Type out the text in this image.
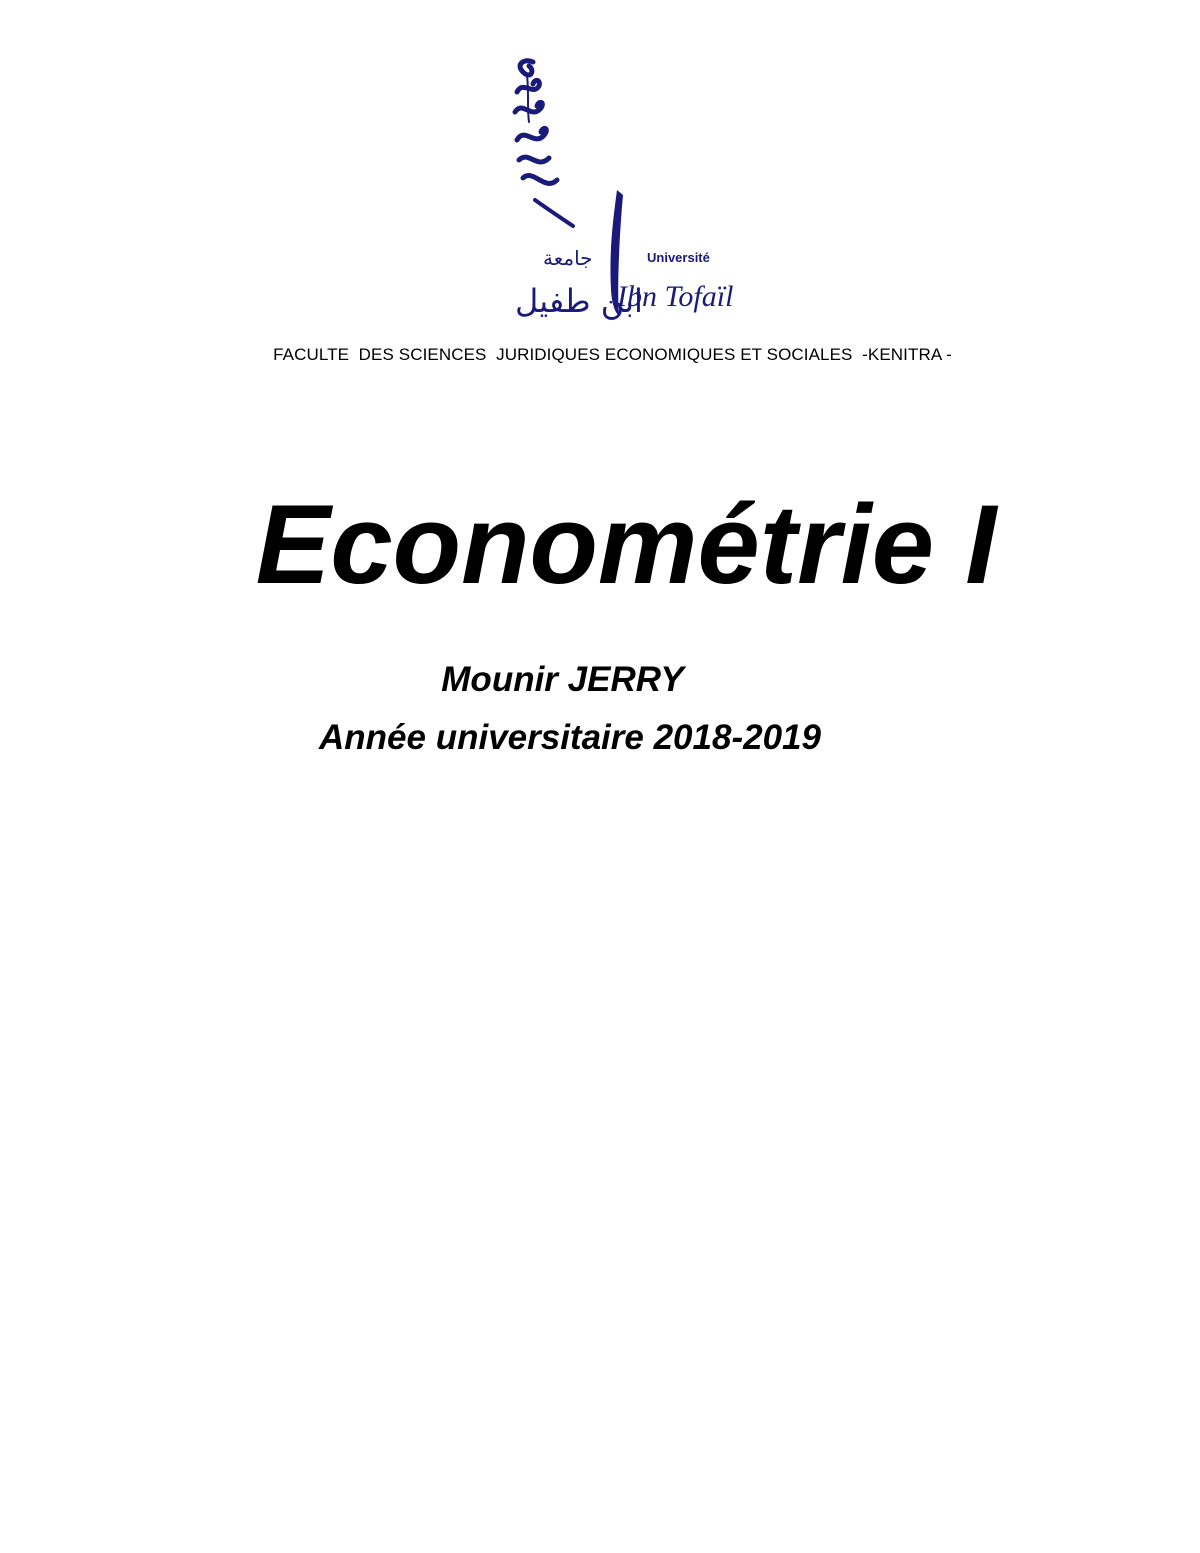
جامعة	Université
ابن طفيل
Ibn Tofaïl
FACULTE  DES SCIENCES  JURIDIQUES ECONOMIQUES ET SOCIALES  -KENITRA -
Econométrie I
Mounir JERRY
Année universitaire 2018-2019
